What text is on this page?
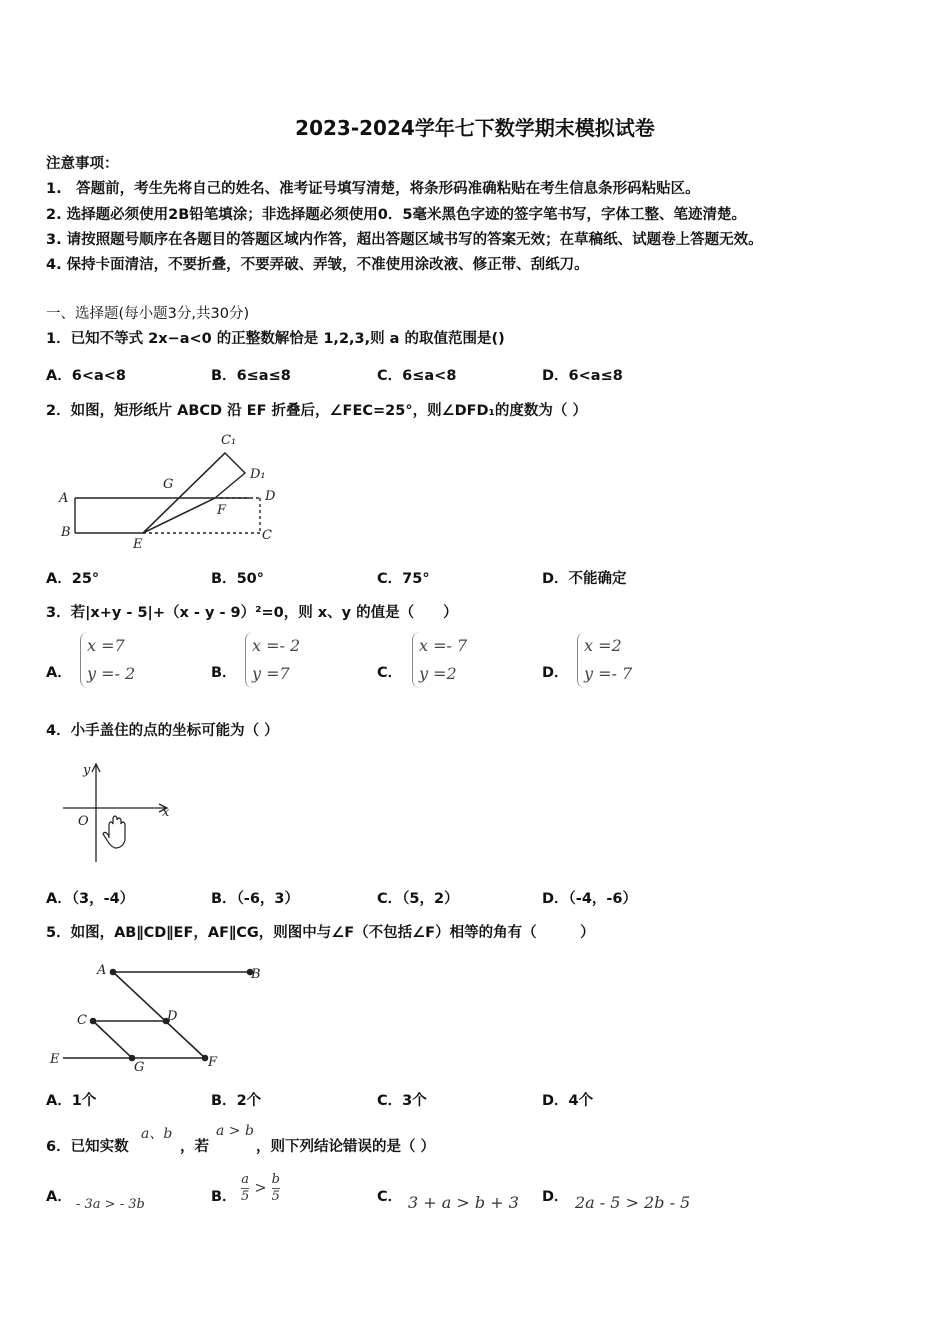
2023-2024学年七下数学期末模拟试卷
注意事项：
1.　答题前，考生先将自己的姓名、准考证号填写清楚，将条形码准确粘贴在考生信息条形码粘贴区。
2. 选择题必须使用2B铅笔填涂；非选择题必须使用0．5毫米黑色字迹的签字笔书写，字体工整、笔迹清楚。
3. 请按照题号顺序在各题目的答题区域内作答，超出答题区域书写的答案无效；在草稿纸、试题卷上答题无效。
4. 保持卡面清洁，不要折叠，不要弄破、弄皱，不准使用涂改液、修正带、刮纸刀。
一、选择题(每小题3分,共30分)
1．已知不等式 2x−a<0 的正整数解恰是 1,2,3,则 a 的取值范围是()
A．6<a<8	B．6≤a≤8	C．6≤a<8	D．6<a≤8
2．如图，矩形纸片 ABCD 沿 EF 折叠后，∠FEC=25°，则∠DFD₁的度数为（ ）
C₁
D₁
G
A	D
F
B
E
C
A．25°	B．50°	C．75°	D．不能确定
3．若|x+y - 5|+（x - y - 9）²=0，则 x、y 的值是（　　）
A．
x =7
y =- 2	B．
x =- 2
y =7	C．
x =- 7
y =2	D．
x =2
y =- 7
4．小手盖住的点的坐标可能为（ ）
y
x
O
A．（3，-4）	B．（-6，3）	C．（5，2）	D．（-4，-6）
5．如图，AB∥CD∥EF，AF∥CG，则图中与∠F（不包括∠F）相等的角有（　　　）
A	B
C	D
E
G	F
A．1个	B．2个	C．3个	D．4个
6．已知实数
a、b
，若
a > b
，则下列结论错误的是（ ）
A． - 3a > - 3b	B． $\frac{a}{5} > \frac{b}{5}$	C． 3 + a > b + 3 D． 2a - 5 > 2b - 5
